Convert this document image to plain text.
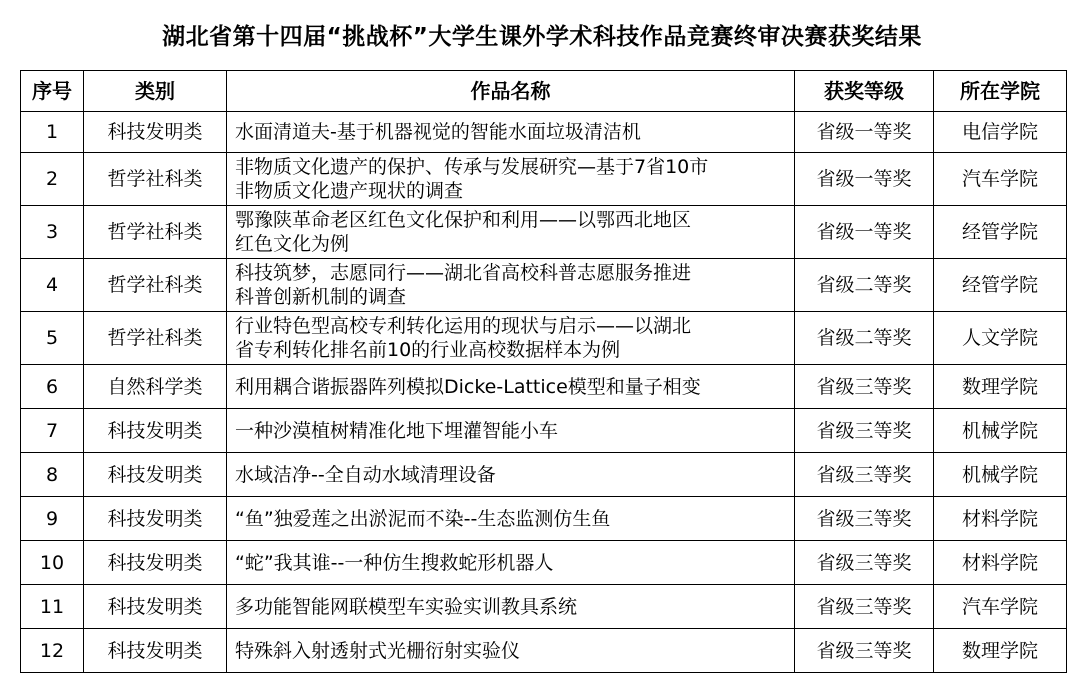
湖北省第十四届“挑战杯”大学生课外学术科技作品竞赛终审决赛获奖结果
序号	类别	作品名称	获奖等级	所在学院
1	科技发明类	水面清道夫-基于机器视觉的智能水面垃圾清洁机	省级一等奖	电信学院
2	哲学社科类	非物质文化遗产的保护、传承与发展研究—基于7省10市
非物质文化遗产现状的调查	省级一等奖	汽车学院
3	哲学社科类	鄂豫陕革命老区红色文化保护和利用——以鄂西北地区
红色文化为例	省级一等奖	经管学院
4	哲学社科类	科技筑梦，志愿同行——湖北省高校科普志愿服务推进
科普创新机制的调查	省级二等奖	经管学院
5	哲学社科类	行业特色型高校专利转化运用的现状与启示——以湖北
省专利转化排名前10的行业高校数据样本为例	省级二等奖	人文学院
6	自然科学类	利用耦合谐振器阵列模拟Dicke-Lattice模型和量子相变	省级三等奖	数理学院
7	科技发明类	一种沙漠植树精准化地下埋灌智能小车	省级三等奖	机械学院
8	科技发明类	水域洁净--全自动水域清理设备	省级三等奖	机械学院
9	科技发明类	“鱼”独爱莲之出淤泥而不染--生态监测仿生鱼	省级三等奖	材料学院
10	科技发明类	“蛇”我其谁--一种仿生搜救蛇形机器人	省级三等奖	材料学院
11	科技发明类	多功能智能网联模型车实验实训教具系统	省级三等奖	汽车学院
12	科技发明类	特殊斜入射透射式光栅衍射实验仪	省级三等奖	数理学院
